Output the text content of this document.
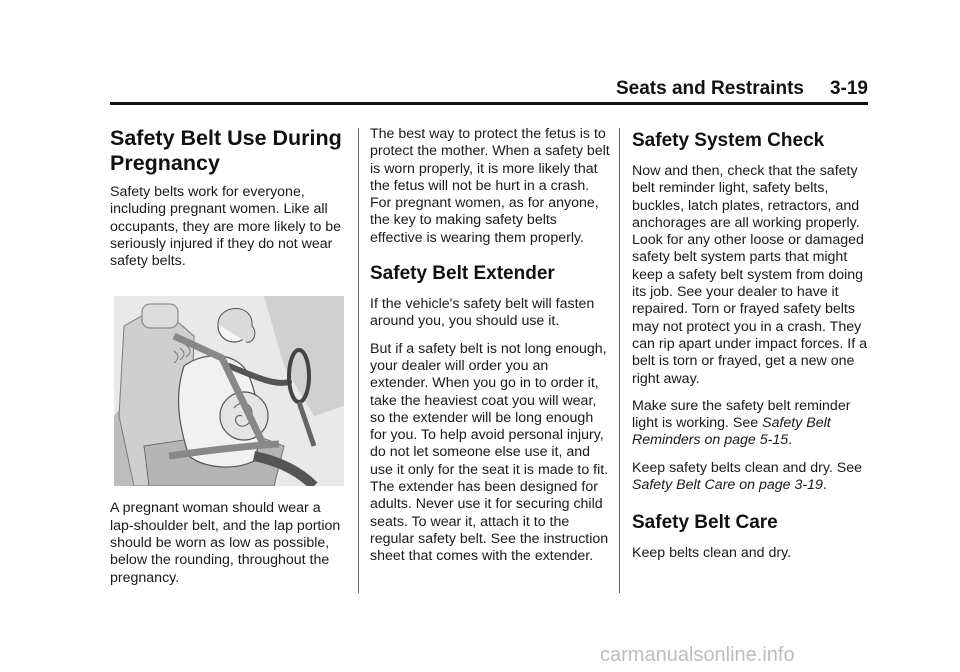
Seats and Restraints 3-19
Safety Belt Use During Pregnancy

Safety belts work for everyone, including pregnant women. Like all occupants, they are more likely to be seriously injured if they do not wear safety belts.

A pregnant woman should wear a lap-shoulder belt, and the lap portion should be worn as low as possible, below the rounding, throughout the pregnancy.

The best way to protect the fetus is to protect the mother. When a safety belt is worn properly, it is more likely that the fetus will not be hurt in a crash. For pregnant women, as for anyone, the key to making safety belts effective is wearing them properly.

Safety Belt Extender

If the vehicle's safety belt will fasten around you, you should use it.

But if a safety belt is not long enough, your dealer will order you an extender. When you go in to order it, take the heaviest coat you will wear, so the extender will be long enough for you. To help avoid personal injury, do not let someone else use it, and use it only for the seat it is made to fit. The extender has been designed for adults. Never use it for securing child seats. To wear it, attach it to the regular safety belt. See the instruction sheet that comes with the extender.

Safety System Check

Now and then, check that the safety belt reminder light, safety belts, buckles, latch plates, retractors, and anchorages are all working properly. Look for any other loose or damaged safety belt system parts that might keep a safety belt system from doing its job. See your dealer to have it repaired. Torn or frayed safety belts may not protect you in a crash. They can rip apart under impact forces. If a belt is torn or frayed, get a new one right away.

Make sure the safety belt reminder light is working. See Safety Belt Reminders on page 5-15.

Keep safety belts clean and dry. See Safety Belt Care on page 3-19.

Safety Belt Care

Keep belts clean and dry.

carmanualsonline.info
